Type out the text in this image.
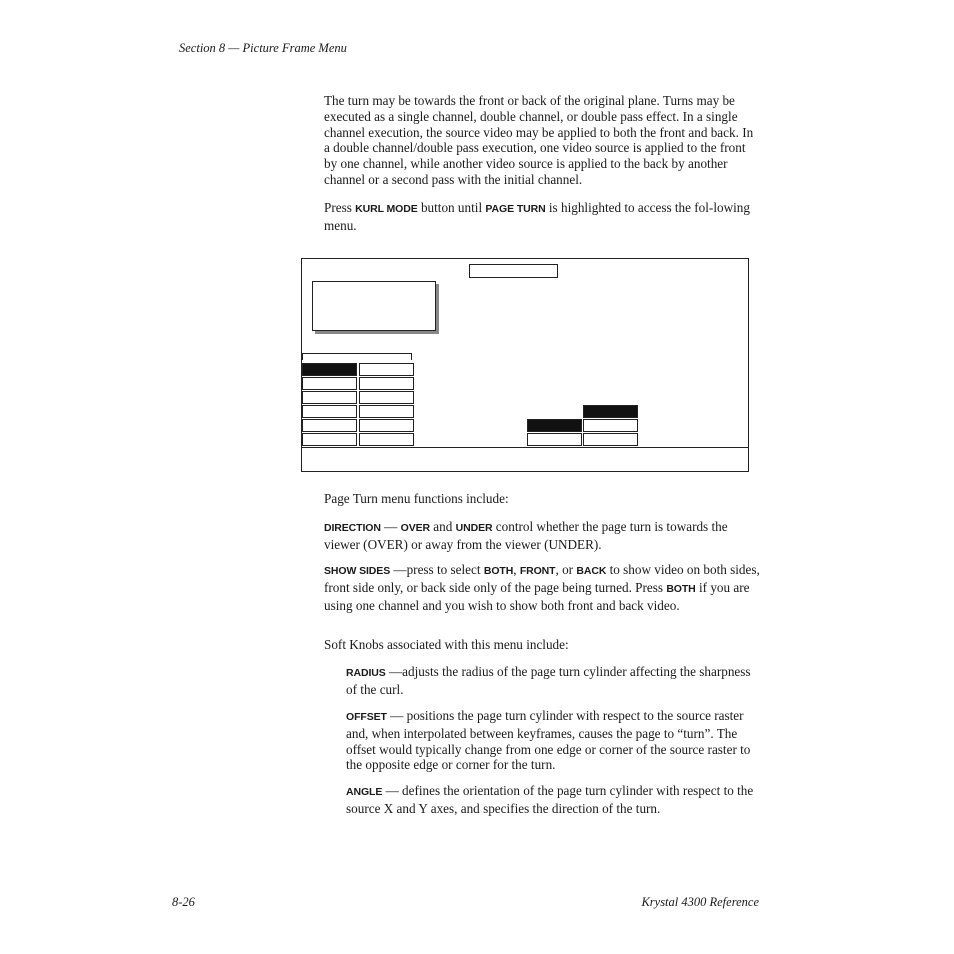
Section 8 — Picture Frame Menu

The turn may be towards the front or back of the original plane. Turns may be executed as a single channel, double channel, or double pass effect. In a single channel execution, the source video may be applied to both the front and back. In a double channel/double pass execution, one video source is applied to the front by one channel, while another video source is applied to the back by another channel or a second pass with the initial channel.

Press KURL MODE button until PAGE TURN is highlighted to access the fol-lowing menu.

Page Turn menu functions include:

DIRECTION — OVER and UNDER control whether the page turn is towards the viewer (OVER) or away from the viewer (UNDER).

SHOW SIDES —press to select BOTH, FRONT, or BACK to show video on both sides, front side only, or back side only of the page being turned. Press BOTH if you are using one channel and you wish to show both front and back video.

Soft Knobs associated with this menu include:

RADIUS —adjusts the radius of the page turn cylinder affecting the sharpness of the curl.

OFFSET — positions the page turn cylinder with respect to the source raster and, when interpolated between keyframes, causes the page to “turn”. The offset would typically change from one edge or corner of the source raster to the opposite edge or corner for the turn.

ANGLE — defines the orientation of the page turn cylinder with respect to the source X and Y axes, and specifies the direction of the turn.

8-26	Krystal 4300 Reference
